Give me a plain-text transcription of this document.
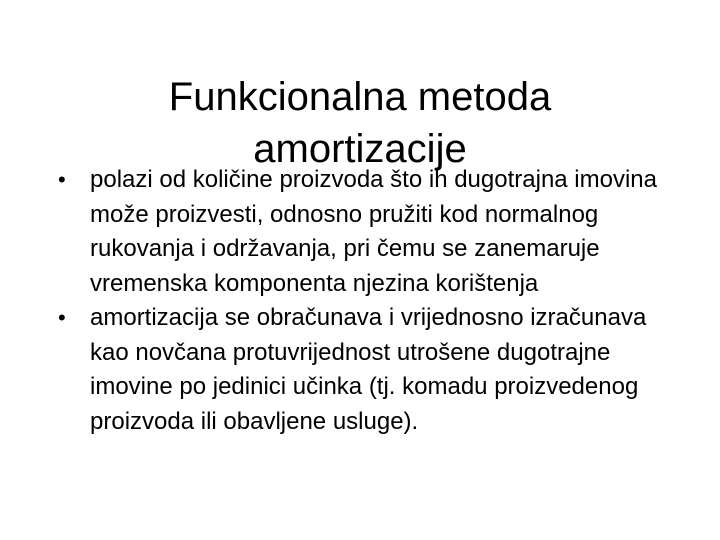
Funkcionalna metoda
amortizacije
• polazi od količine proizvoda što ih dugotrajna imovina može proizvesti, odnosno pružiti kod normalnog rukovanja i održavanja, pri čemu se zanemaruje vremenska komponenta njezina korištenja
• amortizacija se obračunava i vrijednosno izračunava kao novčana protuvrijednost utrošene dugotrajne imovine po jedinici učinka (tj. komadu proizvedenog proizvoda ili obavljene usluge).
